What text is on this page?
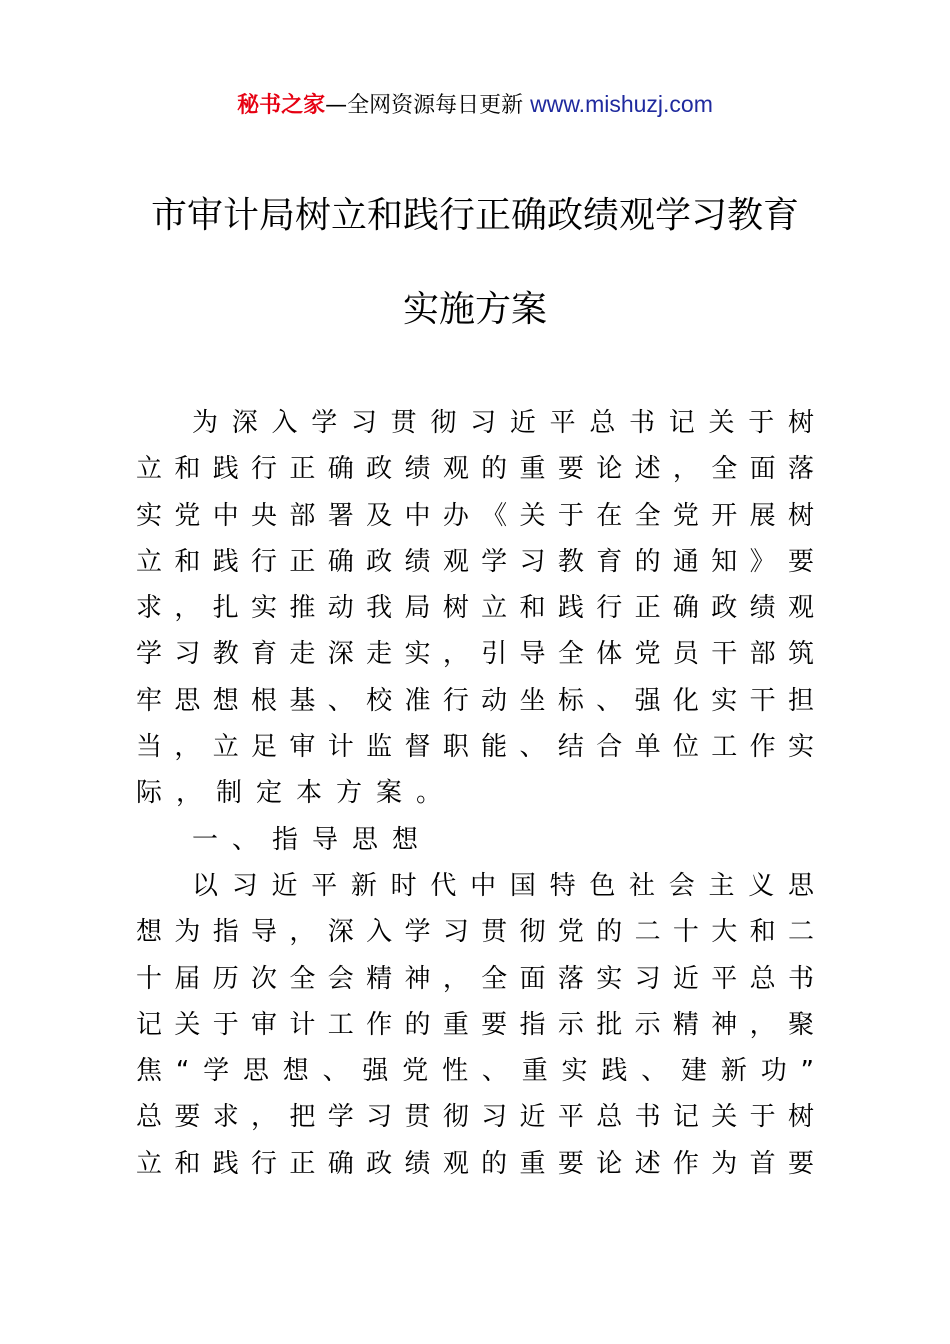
秘书之家—全网资源每日更新 www.mishuzj.com
市审计局树立和践行正确政绩观学习教育
实施方案
为深入学习贯彻习近平总书记关于树
立和践行正确政绩观的重要论述，全面落
实党中央部署及中办《关于在全党开展树
立和践行正确政绩观学习教育的通知》要
求，扎实推动我局树立和践行正确政绩观
学习教育走深走实，引导全体党员干部筑
牢思想根基、校准行动坐标、强化实干担
当，立足审计监督职能、结合单位工作实
际，制定本方案。
一、指导思想
以习近平新时代中国特色社会主义思
想为指导，深入学习贯彻党的二十大和二
十届历次全会精神，全面落实习近平总书
记关于审计工作的重要指示批示精神，聚
焦“学思想、强党性、重实践、建新功”
总要求，把学习贯彻习近平总书记关于树
立和践行正确政绩观的重要论述作为首要
